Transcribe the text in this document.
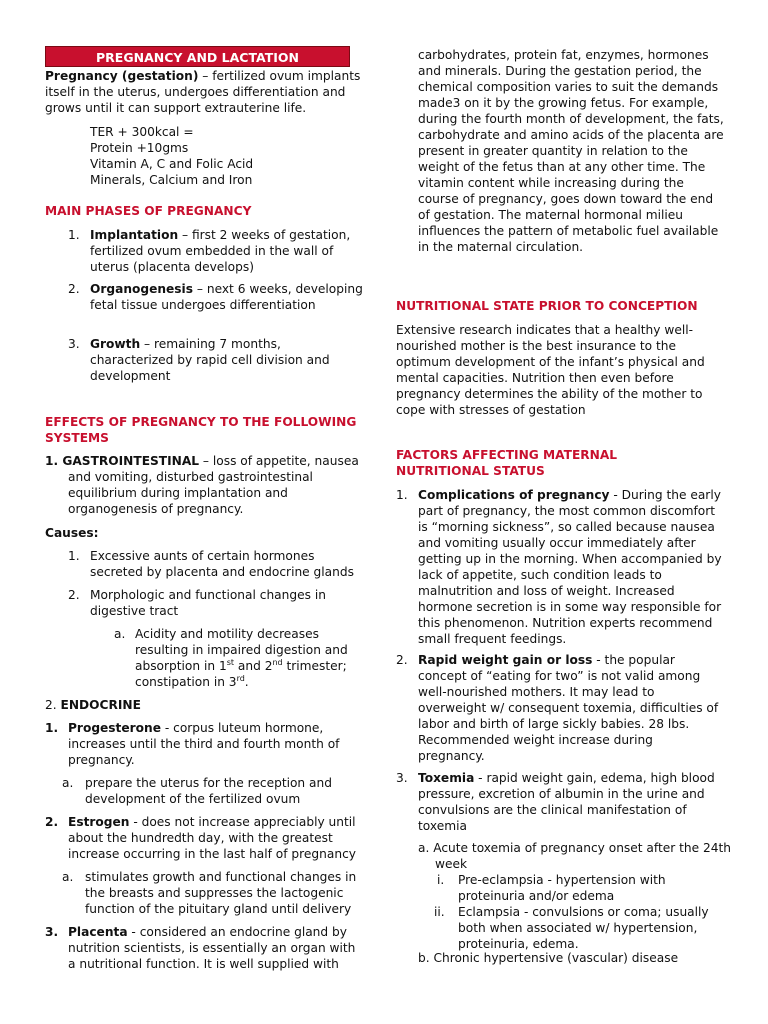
PREGNANCY AND LACTATION
Pregnancy (gestation) – fertilized ovum implants itself in the uterus, undergoes differentiation and grows until it can support extrauterine life.
TER + 300kcal =
Protein +10gms
Vitamin A, C and Folic Acid
Minerals, Calcium and Iron
MAIN PHASES OF PREGNANCY
1. Implantation – first 2 weeks of gestation, fertilized ovum embedded in the wall of uterus (placenta develops)
2. Organogenesis – next 6 weeks, developing fetal tissue undergoes differentiation
3. Growth – remaining 7 months, characterized by rapid cell division and development
EFFECTS OF PREGNANCY TO THE FOLLOWING SYSTEMS
1. GASTROINTESTINAL – loss of appetite, nausea and vomiting, disturbed gastrointestinal equilibrium during implantation and organogenesis of pregnancy.
Causes:
1. Excessive aunts of certain hormones secreted by placenta and endocrine glands
2. Morphologic and functional changes in digestive tract
a. Acidity and motility decreases resulting in impaired digestion and absorption in 1st and 2nd trimester; constipation in 3rd.
2. ENDOCRINE
1. Progesterone - corpus luteum hormone, increases until the third and fourth month of pregnancy.
a. prepare the uterus for the reception and development of the fertilized ovum
2. Estrogen - does not increase appreciably until about the hundredth day, with the greatest increase occurring in the last half of pregnancy
a. stimulates growth and functional changes in the breasts and suppresses the lactogenic function of the pituitary gland until delivery
3. Placenta - considered an endocrine gland by nutrition scientists, is essentially an organ with a nutritional function. It is well supplied with
carbohydrates, protein fat, enzymes, hormones and minerals. During the gestation period, the chemical composition varies to suit the demands made3 on it by the growing fetus. For example, during the fourth month of development, the fats, carbohydrate and amino acids of the placenta are present in greater quantity in relation to the weight of the fetus than at any other time. The vitamin content while increasing during the course of pregnancy, goes down toward the end of gestation. The maternal hormonal milieu influences the pattern of metabolic fuel available in the maternal circulation.
NUTRITIONAL STATE PRIOR TO CONCEPTION
Extensive research indicates that a healthy well-nourished mother is the best insurance to the optimum development of the infant’s physical and mental capacities. Nutrition then even before pregnancy determines the ability of the mother to cope with stresses of gestation
FACTORS AFFECTING MATERNAL NUTRITIONAL STATUS
1. Complications of pregnancy - During the early part of pregnancy, the most common discomfort is “morning sickness”, so called because nausea and vomiting usually occur immediately after getting up in the morning. When accompanied by lack of appetite, such condition leads to malnutrition and loss of weight. Increased hormone secretion is in some way responsible for this phenomenon. Nutrition experts recommend small frequent feedings.
2. Rapid weight gain or loss - the popular concept of “eating for two” is not valid among well-nourished mothers. It may lead to overweight w/ consequent toxemia, difficulties of labor and birth of large sickly babies. 28 lbs. Recommended weight increase during pregnancy.
3. Toxemia - rapid weight gain, edema, high blood pressure, excretion of albumin in the urine and convulsions are the clinical manifestation of toxemia
a. Acute toxemia of pregnancy onset after the 24th week
i. Pre-eclampsia - hypertension with proteinuria and/or edema
ii. Eclampsia - convulsions or coma; usually both when associated w/ hypertension, proteinuria, edema.
b. Chronic hypertensive (vascular) disease
